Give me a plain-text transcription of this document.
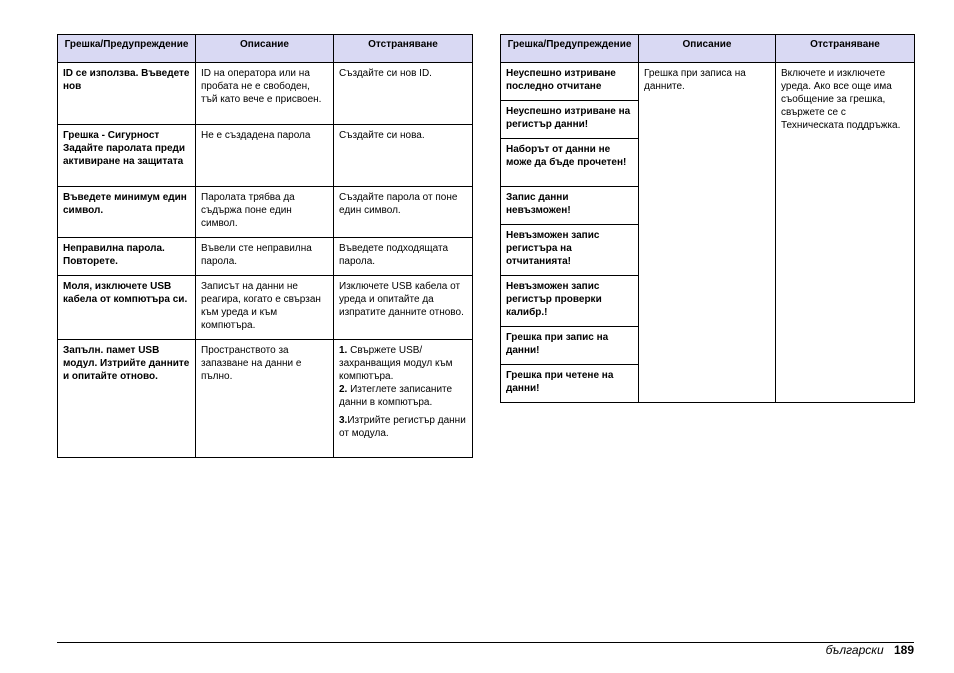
Грешка/Предупреждение	Описание	Отстраняване
ID се използва. Въведете нов	ID на оператора или на пробата не е свободен, тъй като вече е присвоен.	Създайте си нов ID.
Грешка - Сигурност Задайте паролата преди активиране на защитата	Не е създадена парола	Създайте си нова.
Въведете минимум един символ.	Паролата трябва да съдържа поне един символ.	Създайте парола от поне един символ.
Неправилна парола. Повторете.	Въвели сте неправилна парола.	Въведете подходящата парола.
Моля, изключете USB кабела от компютъра си.	Записът на данни не реагира, когато е свързан към уреда и към компютъра.	Изключете USB кабела от уреда и опитайте да изпратите данните отново.
Запълн. памет USB модул. Изтрийте данните и опитайте отново.	Пространството за запазване на данни е пълно.	1. Свържете USB/захранващия модул към компютъра.
2. Изтеглете записаните данни в компютъра.
3.Изтрийте регистър данни от модула.
Грешка/Предупреждение	Описание	Отстраняване
Неуспешно изтриване последно отчитане	Грешка при записа на данните.	Включете и изключете уреда. Ако все още има съобщение за грешка, свържете се с Техническата поддръжка.
Неуспешно изтриване на регистър данни!		
Наборът от данни не може да бъде прочетен!		
Запис данни невъзможен!		
Невъзможен запис регистъра на отчитанията!		
Невъзможен запис регистър проверки калибр.!		
Грешка при запис на данни!		
Грешка при четене на данни!		
български 189
